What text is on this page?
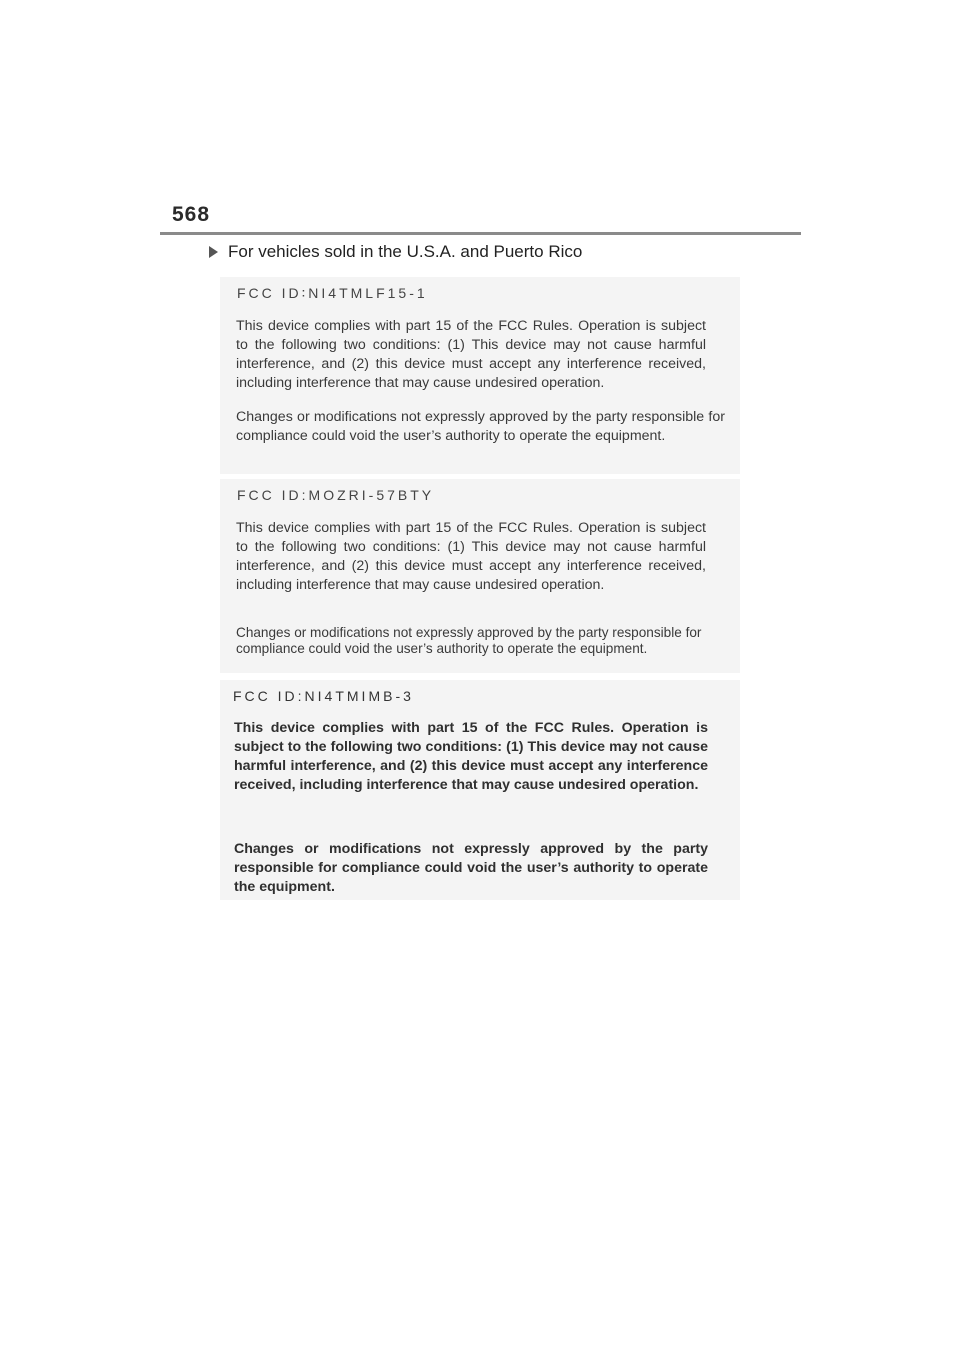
568
For vehicles sold in the U.S.A. and Puerto Rico
FCC ID∶NI4TMLF15-1

This device complies with part 15 of the FCC Rules. Operation is subject to the following two conditions: (1) This device may not cause harmful interference, and (2) this device must accept any interference received, including interference that may cause undesired operation.

Changes or modifications not expressly approved by the party responsible for compliance could void the user’s authority to operate the equipment.

FCC ID:MOZRI-57BTY

This device complies with part 15 of the FCC Rules. Operation is subject to the following two conditions: (1) This device may not cause harmful interference, and (2) this device must accept any interference received, including interference that may cause undesired operation.

Changes or modifications not expressly approved by the party responsible for compliance could void the user’s authority to operate the equipment.

FCC ID:NI4TMIMB-3

This device complies with part 15 of the FCC Rules. Operation is subject to the following two conditions: (1) This device may not cause harmful interference, and (2) this device must accept any interference received, including interference that may cause undesired operation.

Changes or modifications not expressly approved by the party responsible for compliance could void the user’s authority to operate the equipment.
